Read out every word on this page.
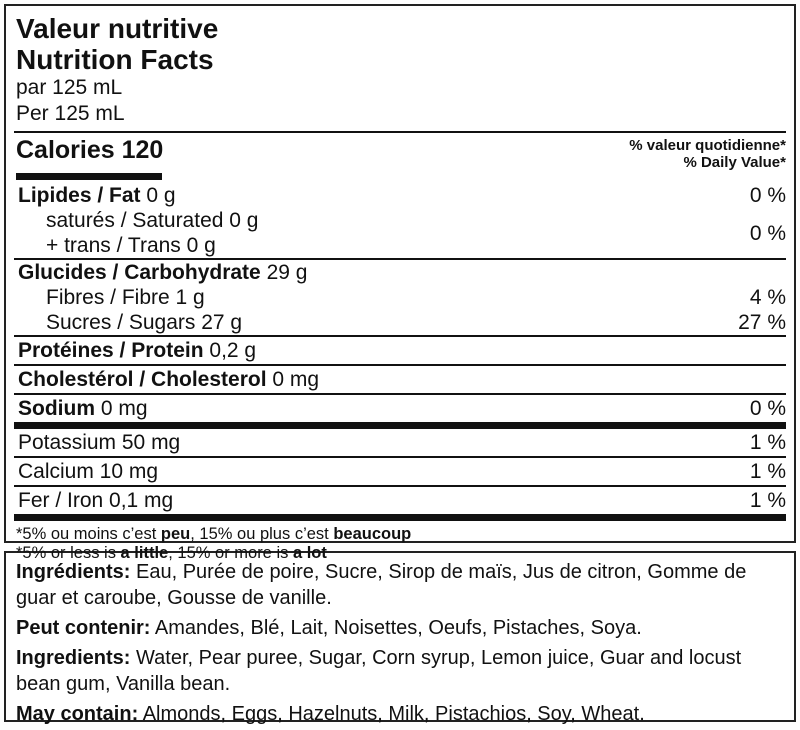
Valeur nutritive
Nutrition Facts
par 125 mL
Per 125 mL
Calories 120	% valeur quotidienne*
% Daily Value*
Lipides / Fat 0 g	0 %
saturés / Saturated 0 g
+ trans / Trans 0 g
0 %
Glucides / Carbohydrate 29 g
Fibres / Fibre 1 g	4 %
Sucres / Sugars 27 g	27 %
Protéines / Protein 0,2 g
Cholestérol / Cholesterol 0 mg
Sodium 0 mg	0 %
Potassium 50 mg	1 %
Calcium 10 mg	1 %
Fer / Iron 0,1 mg	1 %
*5% ou moins c’est peu, 15% ou plus c’est beaucoup
*5% or less is a little, 15% or more is a lot

Ingrédients: Eau, Purée de poire, Sucre, Sirop de maïs, Jus de citron, Gomme de guar et caroube, Gousse de vanille.

Peut contenir: Amandes, Blé, Lait, Noisettes, Oeufs, Pistaches, Soya.

Ingredients: Water, Pear puree, Sugar, Corn syrup, Lemon juice, Guar and locust bean gum, Vanilla bean.

May contain: Almonds, Eggs, Hazelnuts, Milk, Pistachios, Soy, Wheat.
